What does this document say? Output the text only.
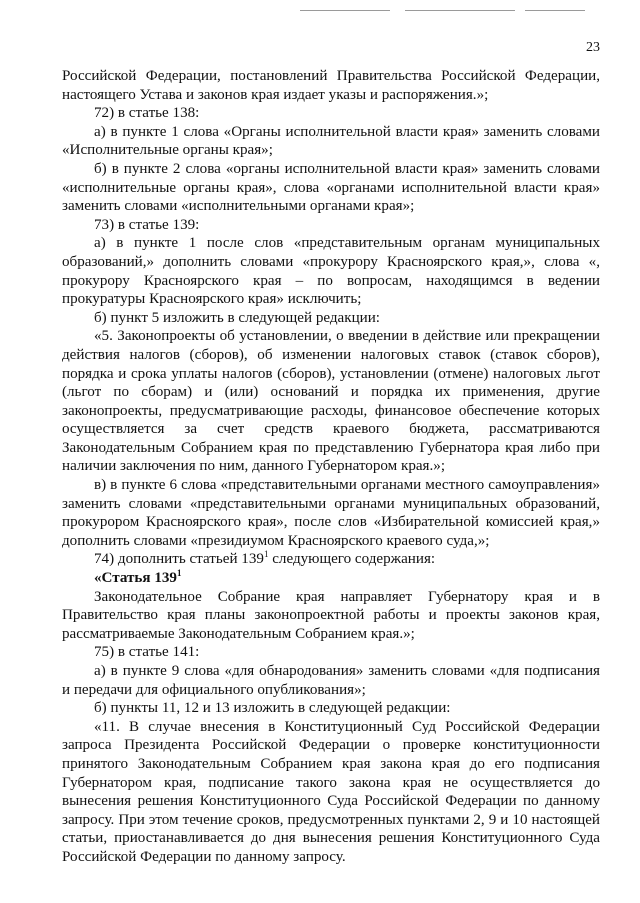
23

Российской Федерации, постановлений Правительства Российской Федерации, настоящего Устава и законов края издает указы и распоряжения.»;

72) в статье 138:

а) в пункте 1 слова «Органы исполнительной власти края» заменить словами «Исполнительные органы края»;

б) в пункте 2 слова «органы исполнительной власти края» заменить словами «исполнительные органы края», слова «органами исполнительной власти края» заменить словами «исполнительными органами края»;

73) в статье 139:

а) в пункте 1 после слов «представительным органам муниципальных образований,» дополнить словами «прокурору Красноярского края,», слова «, прокурору Красноярского края – по вопросам, находящимся в ведении прокуратуры Красноярского края» исключить;

б) пункт 5 изложить в следующей редакции:

«5. Законопроекты об установлении, о введении в действие или прекращении действия налогов (сборов), об изменении налоговых ставок (ставок сборов), порядка и срока уплаты налогов (сборов), установлении (отмене) налоговых льгот (льгот по сборам) и (или) оснований и порядка их применения, другие законопроекты, предусматривающие расходы, финансовое обеспечение которых осуществляется за счет средств краевого бюджета, рассматриваются Законодательным Собранием края по представлению Губернатора края либо при наличии заключения по ним, данного Губернатором края.»;

в) в пункте 6 слова «представительными органами местного самоуправления» заменить словами «представительными органами муниципальных образований, прокурором Красноярского края», после слов «Избирательной комиссией края,» дополнить словами «президиумом Красноярского краевого суда,»;

74) дополнить статьей $139^1$ следующего содержания:

«Статья $139^1$

Законодательное Собрание края направляет Губернатору края и в Правительство края планы законопроектной работы и проекты законов края, рассматриваемые Законодательным Собранием края.»;

75) в статье 141:

а) в пункте 9 слова «для обнародования» заменить словами «для подписания и передачи для официального опубликования»;

б) пункты 11, 12 и 13 изложить в следующей редакции:

«11. В случае внесения в Конституционный Суд Российской Федерации запроса Президента Российской Федерации о проверке конституционности принятого Законодательным Собранием края закона края до его подписания Губернатором края, подписание такого закона края не осуществляется до вынесения решения Конституционного Суда Российской Федерации по данному запросу. При этом течение сроков, предусмотренных пунктами 2, 9 и 10 настоящей статьи, приостанавливается до дня вынесения решения Конституционного Суда Российской Федерации по данному запросу.
